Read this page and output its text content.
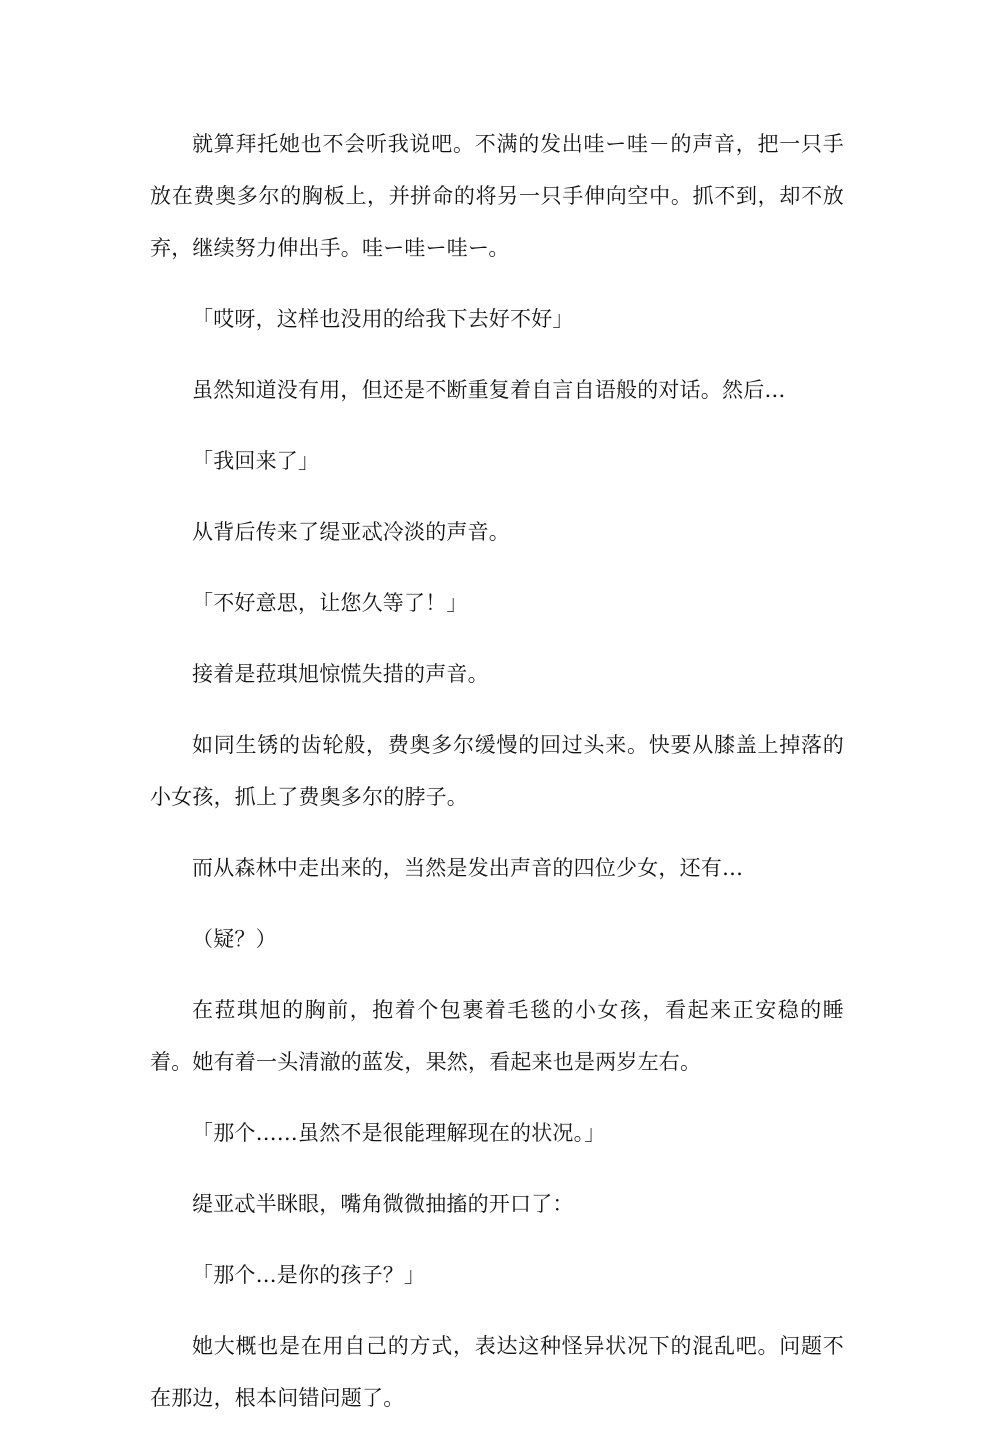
就算拜托她也不会听我说吧。不满的发出哇ー哇－的声音，把一只手放在费奥多尔的胸板上，并拼命的将另一只手伸向空中。抓不到，却不放弃，继续努力伸出手。哇ー哇ー哇ー。

「哎呀，这样也没用的给我下去好不好」

虽然知道没有用，但还是不断重复着自言自语般的对话。然后…

「我回来了」

从背后传来了缇亚忒冷淡的声音。

「不好意思，让您久等了！」

接着是菈琪旭惊慌失措的声音。

如同生锈的齿轮般，费奥多尔缓慢的回过头来。快要从膝盖上掉落的小女孩，抓上了费奥多尔的脖子。

而从森林中走出来的，当然是发出声音的四位少女，还有…

（疑？）

在菈琪旭的胸前，抱着个包裹着毛毯的小女孩，看起来正安稳的睡着。她有着一头清澈的蓝发，果然，看起来也是两岁左右。

「那个……虽然不是很能理解现在的状况。」

缇亚忒半眯眼，嘴角微微抽搐的开口了：

「那个…是你的孩子？」

她大概也是在用自己的方式，表达这种怪异状况下的混乱吧。问题不在那边，根本问错问题了。
